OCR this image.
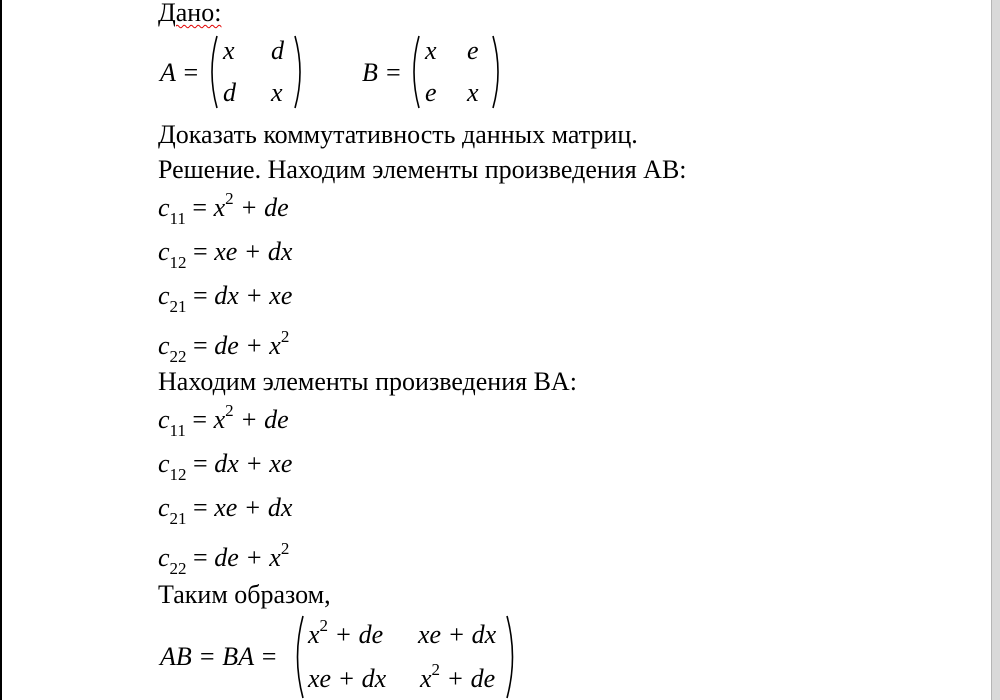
Дано:
A =
x d
d x
B =
x e
e x
Доказать коммутативность данных матриц.
Решение. Находим элементы произведения AB:
$c_{11} = x^2$ + de
$c_{12}$ = xe + dx
$c_{21}$ = dx + xe
$c_{22}$ = de + $x^2$
Находим элементы произведения BA:
$c_{11} = x^2$ + de
$c_{12}$ = dx + xe
$c_{21}$ = xe + dx
$c_{22}$ = de + $x^2$
Таким образом,
AB = BA =
$x^2$ + de xe + dx
xe + dx $x^2$ + de
